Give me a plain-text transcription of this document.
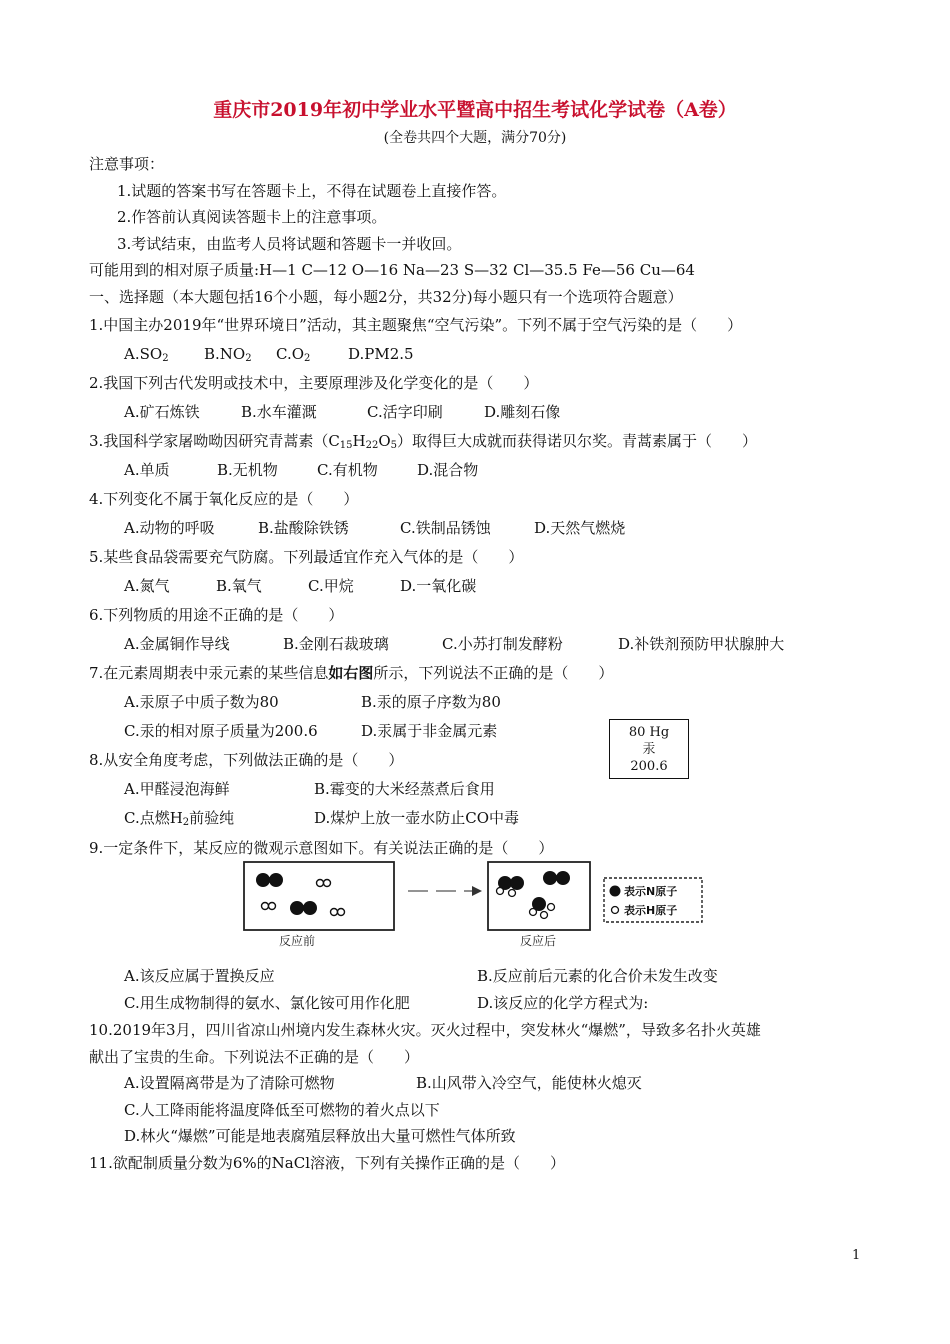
重庆市2019年初中学业水平暨高中招生考试化学试卷（A卷）
(全卷共四个大题，满分70分)
注意事项：
1.试题的答案书写在答题卡上，不得在试题卷上直接作答。
2.作答前认真阅读答题卡上的注意事项。
3.考试结束，由监考人员将试题和答题卡一并收回。
可能用到的相对原子质量:H—1 C—12 O—16 Na—23 S—32 Cl—35.5 Fe—56 Cu—64
一、选择题（本大题包括16个小题，每小题2分，共32分)每小题只有一个选项符合题意）
1.中国主办2019年“世界环境日”活动，其主题聚焦“空气污染”。下列不属于空气污染的是（　　）
$A.SO_2$ $B.NO_2$ $C.O_2$	D.PM2.5
2.我国下列古代发明或技术中，主要原理涉及化学变化的是（　　）
A.矿石炼铁	B.水车灌溉	C.活字印刷	D.雕刻石像
3.我国科学家屠呦呦因研究青蒿素$(C_{15}H_{22}O_5)$取得巨大成就而获得诺贝尔奖。青蒿素属于（　　）
A.单质	B.无机物	C.有机物	D.混合物
4.下列变化不属于氧化反应的是（　　）
A.动物的呼吸	B.盐酸除铁锈	C.铁制品锈蚀	D.天然气燃烧
5.某些食品袋需要充气防腐。下列最适宜作充入气体的是（　　）
A.氮气	B.氧气	C.甲烷	D.一氧化碳
6.下列物质的用途不正确的是（　　）
A.金属铜作导线	B.金刚石裁玻璃	C.小苏打制发酵粉	D.补铁剂预防甲状腺肿大
7.在元素周期表中汞元素的某些信息如右图所示，下列说法不正确的是（　　）
A.汞原子中质子数为80	B.汞的原子序数为80
C.汞的相对原子质量为200.6	D.汞属于非金属元素	80 Hg
汞
200.6
8.从安全角度考虑，下列做法正确的是（　　）
A.甲醛浸泡海鲜	B.霉变的大米经蒸煮后食用
C.点燃$H_2$前验纯	D.煤炉上放一壶水防止CO中毒
9.一定条件下，某反应的微观示意图如下。有关说法正确的是（　　）
反应前	反应后
表示N原子
表示H原子
A.该反应属于置换反应	B.反应前后元素的化合价未发生改变
C.用生成物制得的氨水、氯化铵可用作化肥	D.该反应的化学方程式为:
10.2019年3月，四川省凉山州境内发生森林火灾。灭火过程中，突发林火“爆燃”，导致多名扑火英雄
献出了宝贵的生命。下列说法不正确的是（　　）
A.设置隔离带是为了清除可燃物	B.山风带入冷空气，能使林火熄灭
C.人工降雨能将温度降低至可燃物的着火点以下
D.林火“爆燃”可能是地表腐殖层释放出大量可燃性气体所致
11.欲配制质量分数为6%的NaCl溶液，下列有关操作正确的是（　　）
1
